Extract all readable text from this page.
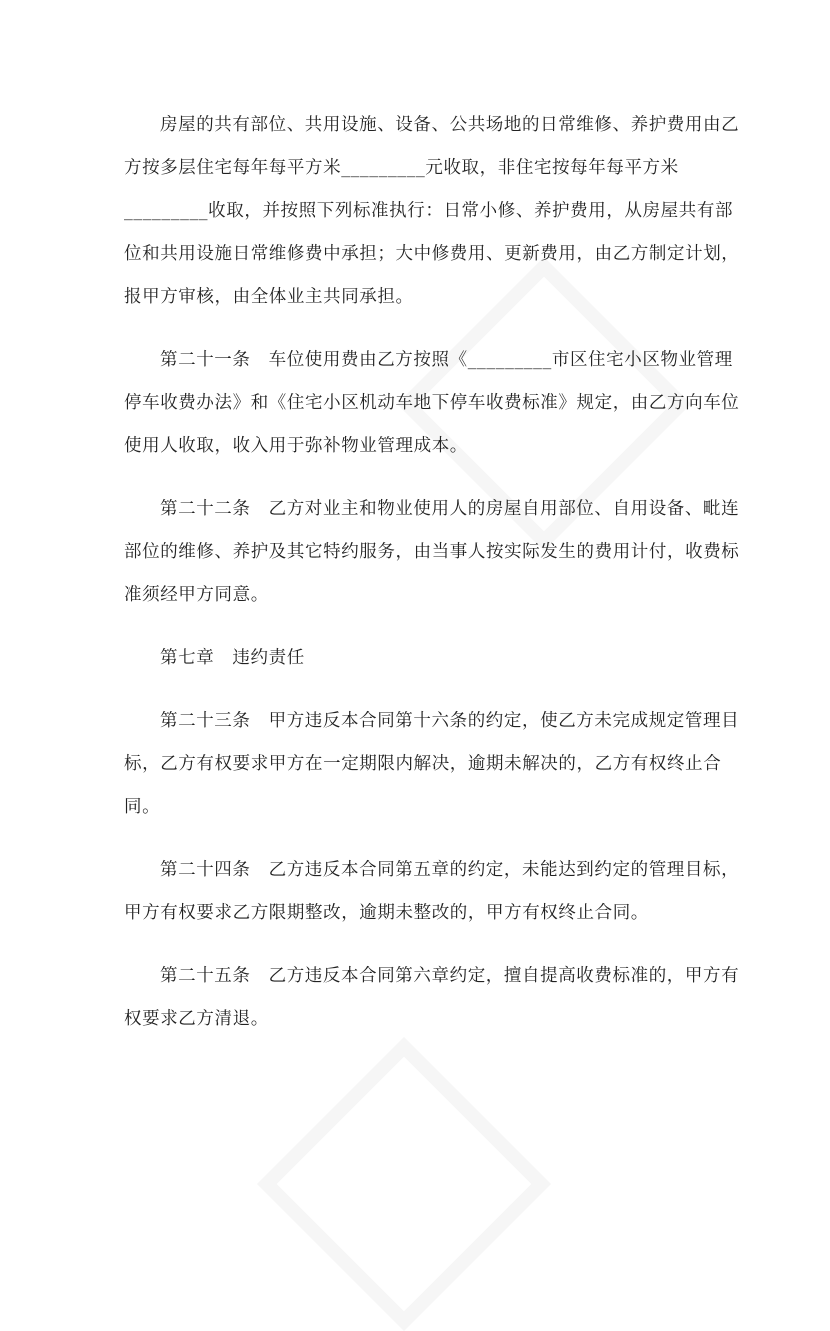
房屋的共有部位、共用设施、设备、公共场地的日常维修、养护费用由乙
方按多层住宅每年每平方米_________元收取，非住宅按每年每平方米
_________收取，并按照下列标准执行：日常小修、养护费用，从房屋共有部
位和共用设施日常维修费中承担；大中修费用、更新费用，由乙方制定计划，
报甲方审核，由全体业主共同承担。
第二十一条　车位使用费由乙方按照《_________市区住宅小区物业管理
停车收费办法》和《住宅小区机动车地下停车收费标准》规定，由乙方向车位
使用人收取，收入用于弥补物业管理成本。
第二十二条　乙方对业主和物业使用人的房屋自用部位、自用设备、毗连
部位的维修、养护及其它特约服务，由当事人按实际发生的费用计付，收费标
准须经甲方同意。
第七章　违约责任
第二十三条　甲方违反本合同第十六条的约定，使乙方未完成规定管理目
标，乙方有权要求甲方在一定期限内解决，逾期未解决的，乙方有权终止合
同。
第二十四条　乙方违反本合同第五章的约定，未能达到约定的管理目标，
甲方有权要求乙方限期整改，逾期未整改的，甲方有权终止合同。
第二十五条　乙方违反本合同第六章约定，擅自提高收费标准的，甲方有
权要求乙方清退。
